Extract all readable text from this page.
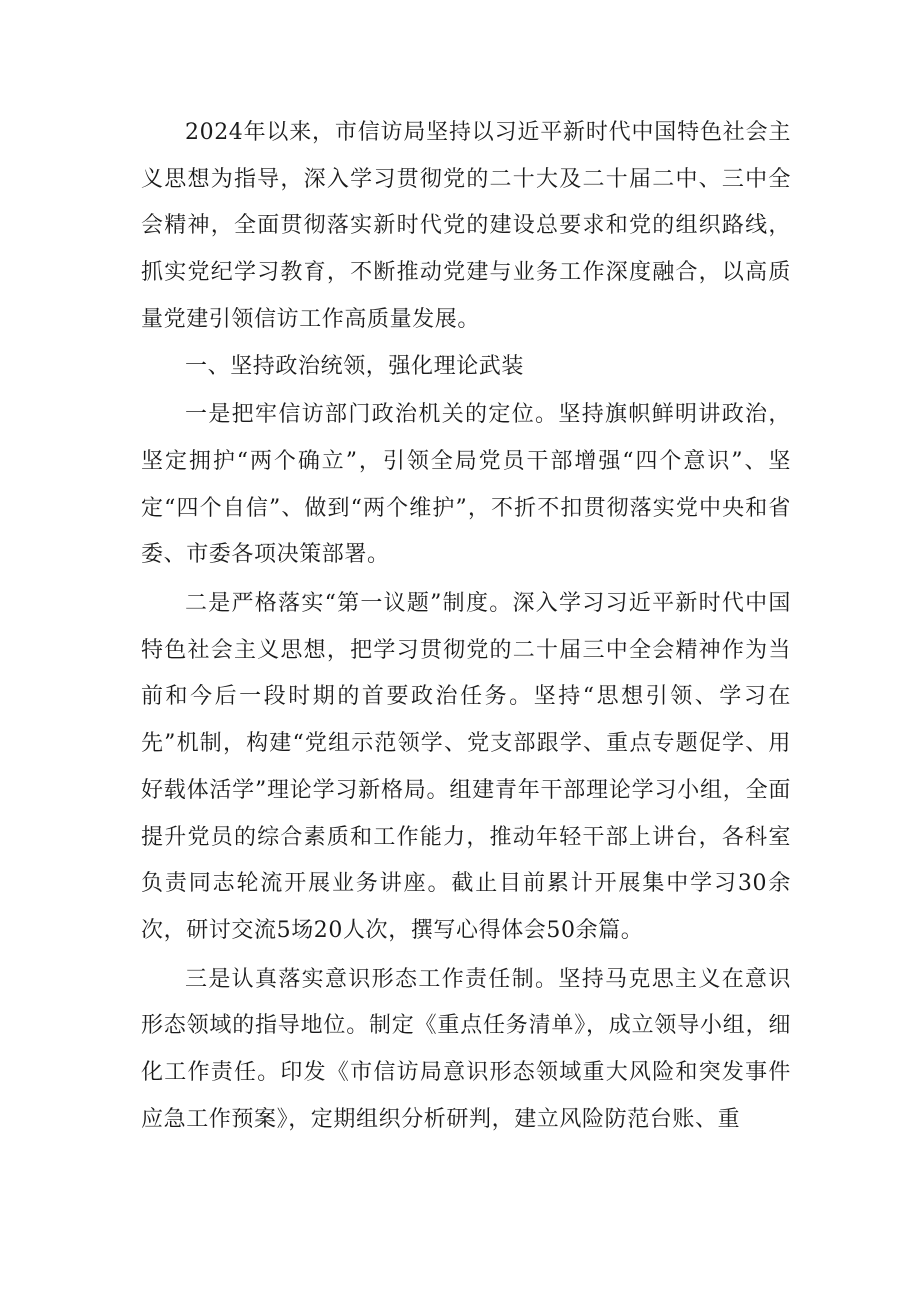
2024年以来，市信访局坚持以习近平新时代中国特色社会主义思想为指导，深入学习贯彻党的二十大及二十届二中、三中全会精神，全面贯彻落实新时代党的建设总要求和党的组织路线，抓实党纪学习教育，不断推动党建与业务工作深度融合，以高质量党建引领信访工作高质量发展。

一、坚持政治统领，强化理论武装

一是把牢信访部门政治机关的定位。坚持旗帜鲜明讲政治，坚定拥护“两个确立”，引领全局党员干部增强“四个意识”、坚定“四个自信”、做到“两个维护”，不折不扣贯彻落实党中央和省委、市委各项决策部署。

二是严格落实“第一议题”制度。深入学习习近平新时代中国特色社会主义思想，把学习贯彻党的二十届三中全会精神作为当前和今后一段时期的首要政治任务。坚持“思想引领、学习在先”机制，构建“党组示范领学、党支部跟学、重点专题促学、用好载体活学”理论学习新格局。组建青年干部理论学习小组，全面提升党员的综合素质和工作能力，推动年轻干部上讲台，各科室负责同志轮流开展业务讲座。截止目前累计开展集中学习30余次，研讨交流5场20人次，撰写心得体会50余篇。

三是认真落实意识形态工作责任制。坚持马克思主义在意识形态领域的指导地位。制定《重点任务清单》，成立领导小组，细化工作责任。印发《市信访局意识形态领域重大风险和突发事件应急工作预案》，定期组织分析研判，建立风险防范台账、重
